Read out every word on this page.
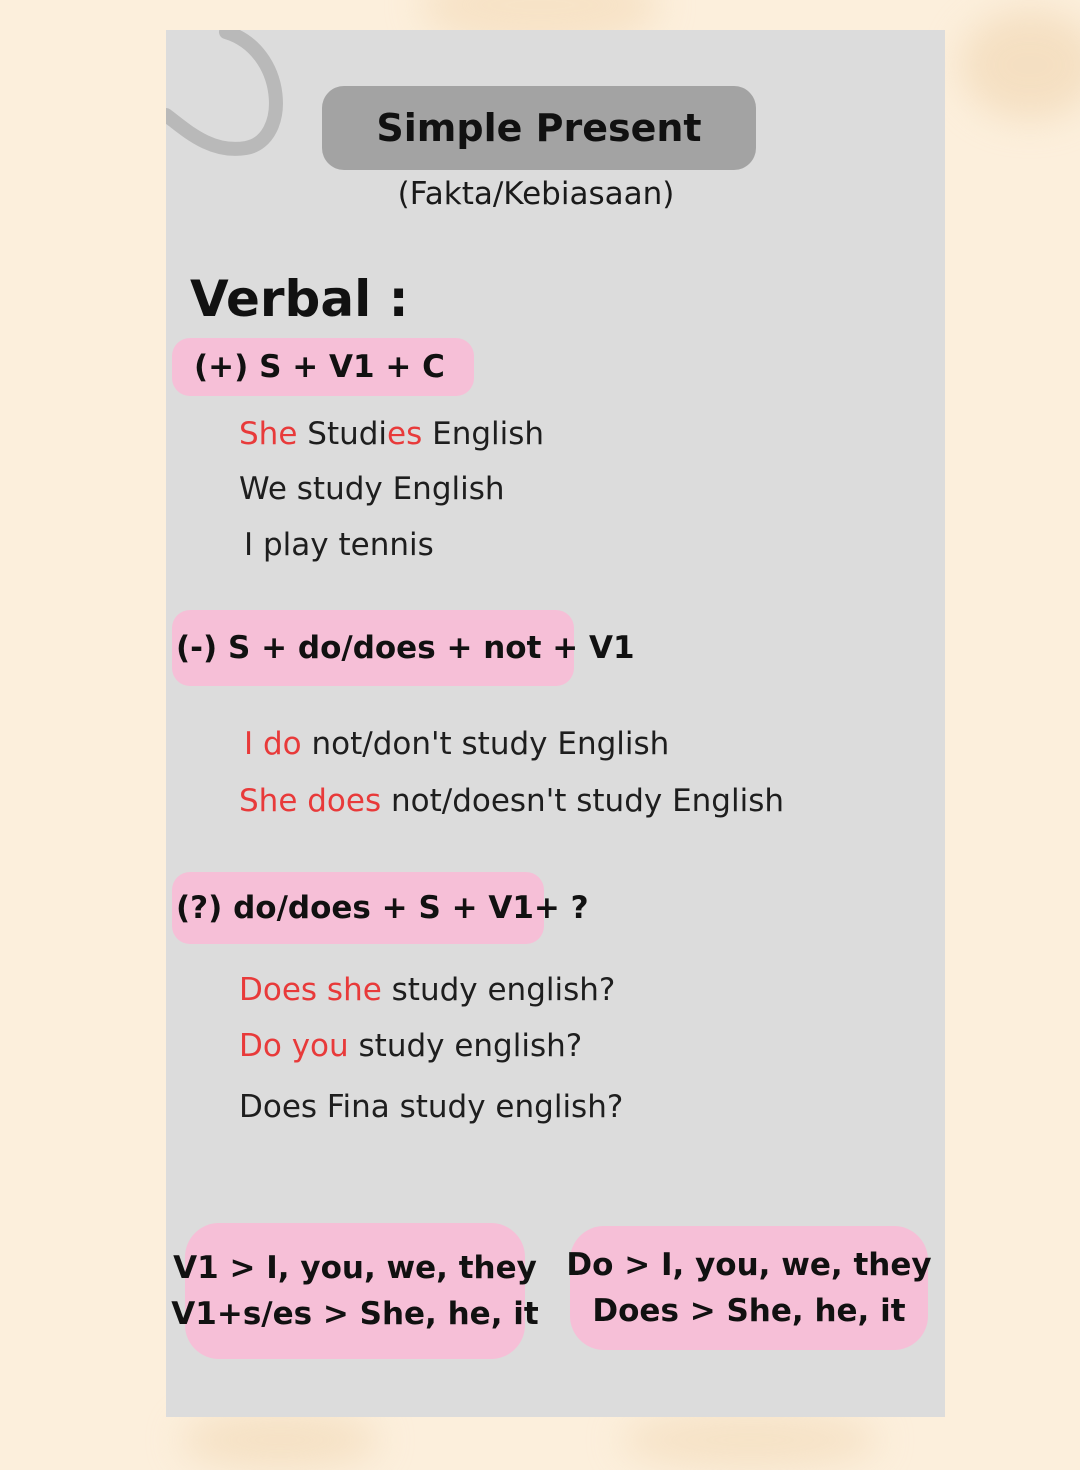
Simple Present
(Fakta/Kebiasaan)
Verbal :
(+) S + V1 + C
She Studies English
We study English
I play tennis
(-) S + do/does + not + V1
I do not/don't study English
She does not/doesn't study English
(?) do/does + S + V1+ ?
Does she study english?
Do you study english?
Does Fina study english?
V1 > I, you, we, they
V1+s/es > She, he, it
Do > I, you, we, they
Does > She, he, it
